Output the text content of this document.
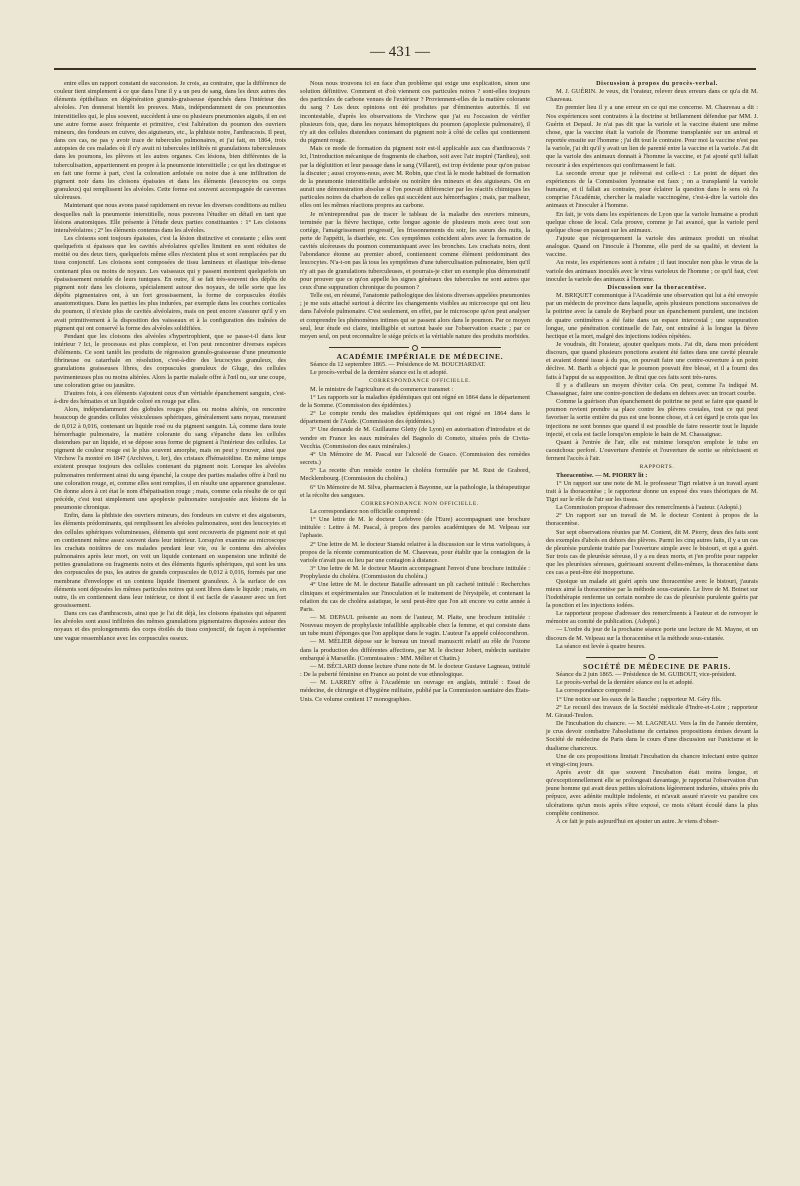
— 431 —

entre elles un rapport constant de succession. Je crois, au contraire, que la différence de couleur tient simplement à ce que dans l'une il y a un peu de sang, dans les deux autres des éléments épithéliaux en dégénération granulo-graisseuse épanchés dans l'intérieur des alvéoles. J'en donnerai bientôt les preuves. Mais, indépendamment de ces pneumonies interstitielles qui, le plus souvent, succèdent à une ou plusieurs pneumonies aiguës, il en est une autre forme assez fréquente et primitive, c'est l'altération du poumon des ouvriers mineurs, des fondeurs en cuivre, des aiguiseurs, etc., la phthisie noire, l'anthracosis. Il peut, dans ces cas, ne pas y avoir trace de tubercules pulmonaires, et j'ai fait, en 1864, trois autopsies de ces malades où il n'y avait ni tubercules infiltrés ni granulations tuberculeuses dans les poumons, les plèvres et les autres organes. Ces lésions, bien différentes de la tuberculisation, appartiennent en propre à la pneumonie interstitielle ; ce qui les distingue et en fait une forme à part, c'est la coloration ardoisée ou noire due à une infiltration de pigment noir dans les cloisons épaissies et dans les éléments (leucocytes ou corps granuleux) qui remplissent les alvéoles. Cette forme est souvent accompagnée de cavernes ulcéreuses.

Maintenant que nous avons passé rapidement en revue les diverses conditions au milieu desquelles naît la pneumonie interstitielle, nous pouvons l'étudier en détail en tant que lésions anatomiques. Elle présente à l'étude deux parties constituantes : 1° Les cloisons interalvéolaires ; 2° les éléments contenus dans les alvéoles.

Les cloisons sont toujours épaissies, c'est la lésion distinctive et constante ; elles sont quelquefois si épaisses que les cavités alvéolaires qu'elles limitent en sont réduites de moitié ou des deux tiers, quelquefois même elles n'existent plus et sont remplacées par du tissu conjonctif. Les cloisons sont composées de tissu lamineux et élastique très-dense contenant plus ou moins de noyaux. Les vaisseaux qui y passent montrent quelquefois un épaississement notable de leurs tuniques. En outre, il se fait très-souvent des dépôts de pigment noir dans les cloisons, spécialement autour des noyaux, de telle sorte que les dépôts pigmentaires ont, à un fort grossissement, la forme de corpuscules étoilés anastomotiques. Dans les parties les plus indurées, par exemple dans les couches corticales du poumon, il n'existe plus de cavités alvéolaires, mais on peut encore s'assurer qu'il y en avait primitivement à la disposition des vaisseaux et à la configuration des traînées de pigment qui ont conservé la forme des alvéoles solidifiées.

Pendant que les cloisons des alvéoles s'hypertrophient, que se passe-t-il dans leur intérieur ? Ici, le processus est plus complexe, et l'on peut rencontrer diverses espèces d'éléments. Ce sont tantôt les produits de régression granulo-graisseuse d'une pneumonie fibrineuse ou catarrhale en résolution, c'est-à-dire des leucocytes granuleux, des granulations graisseuses libres, des corpuscules granuleux de Gluge, des cellules pavimenteuses plus ou moins altérées. Alors la partie malade offre à l'œil nu, sur une coupe, une coloration grise ou jaunâtre.

D'autres fois, à ces éléments s'ajoutent ceux d'un véritable épanchement sanguin, c'est-à-dire des hématies et un liquide coloré en rouge par elles.

Alors, indépendamment des globules rouges plus ou moins altérés, on rencontre beaucoup de grandes cellules vésiculeuses sphériques, généralement sans noyau, mesurant de 0,012 à 0,016, contenant un liquide rosé ou du pigment sanguin. Là, comme dans toute hémorrhagie pulmonaire, la matière colorante du sang s'épanche dans les cellules distendues par un liquide, et se dépose sous forme de pigment à l'intérieur des cellules. Le pigment de couleur rouge est le plus souvent amorphe, mais on peut y trouver, ainsi que Virchow l'a montré en 1847 (Archives, t. Ier), des cristaux d'hématoïdine. En même temps existent presque toujours des cellules contenant du pigment noir. Lorsque les alvéoles pulmonaires renferment ainsi du sang épanché, la coupe des parties malades offre à l'œil nu une coloration rouge, et, comme elles sont remplies, il en résulte une apparence granuleuse. On donne alors à cet état le nom d'hépatisation rouge ; mais, comme cela résulte de ce qui précède, c'est tout simplement une apoplexie pulmonaire surajoutée aux lésions de la pneumonie chronique.

Enfin, dans la phthisie des ouvriers mineurs, des fondeurs en cuivre et des aiguiseurs, les éléments prédominants, qui remplissent les alvéoles pulmonaires, sont des leucocytes et des cellules sphériques volumineuses, éléments qui sont recouverts de pigment noir et qui en contiennent même assez souvent dans leur intérieur. Lorsqu'on examine au microscope les crachats noirâtres de ces malades pendant leur vie, ou le contenu des alvéoles pulmonaires après leur mort, on voit un liquide contenant en suspension une infinité de petites granulations ou fragments noirs et des éléments figurés sphériques, qui sont les uns des corpuscules de pus, les autres de grands corpuscules de 0,012 à 0,016, formés par une membrane d'enveloppe et un contenu liquide finement granuleux. À la surface de ces éléments sont déposées les mêmes particules noires qui sont libres dans le liquide ; mais, en outre, ils en contiennent dans leur intérieur, ce dont il est facile de s'assurer avec un fort grossissement.

Dans ces cas d'anthracosis, ainsi que je l'ai dit déjà, les cloisons épaissies qui séparent les alvéoles sont aussi infiltrées des mêmes granulations pigmentaires disposées autour des noyaux et des prolongements des corps étoilés du tissu conjonctif, de façon à représenter une vague ressemblance avec les corpuscules osseux.

Nous nous trouvons ici en face d'un problème qui exige une explication, sinon une solution définitive. Comment et d'où viennent ces particules noires ? sont-elles toujours des particules de carbone venues de l'extérieur ? Proviennent-elles de la matière colorante du sang ? Les deux opinions ont été produites par d'éminentes autorités. Il est incontestable, d'après les observations de Virchow que j'ai eu l'occasion de vérifier plusieurs fois, que, dans les noyaux hémoptoïques du poumon (apoplexie pulmonaire), il n'y ait des cellules distendues contenant du pigment noir à côté de celles qui contiennent du pigment rouge.

Mais ce mode de formation du pigment noir est-il applicable aux cas d'anthracosis ? Ici, l'introduction mécanique de fragments de charbon, soit avec l'air inspiré (Tardieu), soit par la déglutition et leur passage dans le sang (Villaret), est trop évidente pour qu'on puisse la discuter ; aussi croyons-nous, avec M. Robin, que c'est là le mode habituel de formation de la pneumonie interstitielle ardoisée ou noirâtre des mineurs et des aiguiseurs. On en aurait une démonstration absolue si l'on pouvait différencier par les réactifs chimiques les particules noires du charbon de celles qui succèdent aux hémorrhagies ; mais, par malheur, elles ont les mêmes réactions propres au carbone.

Je m'entreprendrai pas de tracer le tableau de la maladie des ouvriers mineurs, terminée par la fièvre hectique, cette longue agonie de plusieurs mois avec tout son cortège, l'amaigrissement progressif, les frissonnements du soir, les sueurs des nuits, la perte de l'appétit, la diarrhée, etc. Ces symptômes coïncident alors avec la formation de cavités ulcéreuses du poumon communiquant avec les bronches. Les crachats noirs, dont l'abondance étonne au premier abord, contiennent comme élément prédominant des leucocytes. N'a-t-on pas là tous les symptômes d'une tuberculisation pulmonaire, bien qu'il n'y ait pas de granulations tuberculeuses, et pourrais-je citer un exemple plus démonstratif pour prouver que ce qu'on appelle les signes généraux des tubercules ne sont autres que ceux d'une suppuration chronique du poumon ?

Telle est, en résumé, l'anatomie pathologique des lésions diverses appelées pneumonies ; je me suis attaché surtout à décrire les changements visibles au microscope qui ont lieu dans l'alvéole pulmonaire. C'est seulement, en effet, par le microscope qu'on peut analyser et comprendre les phénomènes intimes qui se passent alors dans le poumon. Par ce moyen seul, leur étude est claire, intelligible et surtout basée sur l'observation exacte ; par ce moyen seul, on peut reconnaître le siége précis et la véritable nature des produits morbides.

ACADÉMIE IMPÉRIALE DE MÉDECINE.

Séance du 12 septembre 1865. — Présidence de M. BOUCHARDAT.

Le procès-verbal de la dernière séance est lu et adopté.

CORRESPONDANCE OFFICIELLE.

M. le ministre de l'agriculture et du commerce transmet :

1° Les rapports sur la maladies épidémiques qui ont régné en 1864 dans le département de la Somme. (Commission des épidémies.)

2° Le compte rendu des maladies épidémiques qui ont régné en 1864 dans le département de l'Aude. (Commission des épidémies.)

3° Une demande de M. Guillaume Gletty (de Lyon) en autorisation d'introduire et de vendre en France les eaux minérales del Bagnolo di Cometo, situées près de Civita-Vecchia. (Commission des eaux minérales.)

4° Un Mémoire de M. Pascal sur l'alcoolé de Guaco. (Commission des remèdes secrets.)

5° La recette d'un remède contre le choléra formulée par M. Rust de Grabord, Mecklembourg. (Commission du choléra.)

6° Un Mémoire de M. Silva, pharmacien à Bayonne, sur la pathologie, la thérapeutique et la récolte des sangsues.

CORRESPONDANCE NON OFFICIELLE.

La correspondance non officielle comprend :

1° Une lettre de M. le docteur Lefebvre (de l'Eure) accompagnant une brochure intitulée : Lettre à M. Pascal, à propos des paroles académiques de M. Velpeau sur l'aphasie.

2° Une lettre de M. le docteur Stanski relative à la discussion sur le virus varioliques, à propos de la récente communication de M. Chauveau, pour établir que la contagion de la variole n'avait pas eu lieu par une contagion à distance.

3° Une lettre de M. le docteur Maurin accompagnant l'envoi d'une brochure intitulée : Prophylaxie du choléra. (Commission du choléra.)

4° Une lettre de M. le docteur Bataille adressant un pli cacheté intitulé : Recherches cliniques et expérimentales sur l'inoculation et le traitement de l'érysipèle, et contenant la relation du cas de choléra asiatique, le seul peut-être que l'on ait encore vu cette année à Paris.

— M. DEPAUL présente au nom de l'auteur, M. Plaite, une brochure intitulée : Nouveau moyen de prophylaxie infaillible applicable chez la femme, et qui consiste dans un tube muni d'éponges que l'on applique dans le vagin. L'auteur l'a appelé coléocorsthron.

— M. MÉLIER dépose sur le bureau un travail manuscrit relatif au rôle de l'ozone dans la production des différentes affections, par M. le docteur Jobert, médecin sanitaire embarqué à Marseille. (Commissaires : MM. Mélier et Chatin.)

— M. BÉCLARD donne lecture d'une note de M. le docteur Gustave Lagneau, intitulé : De la puberté féminine en France au point de vue ethnologique.

— M. LARREY offre à l'Académie un ouvrage en anglais, intitulé : Essai de médecine, de chirurgie et d'hygiène militaire, publié par la Commission sanitaire des États-Unis. Ce volume contient 17 monographies.

Discussion à propos du procès-verbal.

M. J. GUÉRIN. Je veux, dit l'orateur, relever deux erreurs dans ce qu'a dit M. Chauveau.

En premier lieu il y a une erreur en ce qui me concerne. M. Chauveau a dit : Nos expériences sont contraires à la doctrine si brillamment défendue par MM. J. Guérin et Depaul. Je n'ai pas dit que la variole et la vaccine étaient une même chose, que la vaccine était la variole de l'homme transplantée sur un animal et reportée ensuite sur l'homme ; j'ai dit tout le contraire. Pour moi la vaccine n'est pas la variole, j'ai dit qu'il y avait un lien de parenté entre la vaccine et la variole. J'ai dit que la variole des animaux donnait à l'homme la vaccine, et j'ai ajouté qu'il fallait recourir à des expériences qui confirmassent le fait.

La seconde erreur que je relèverai est celle-ci : Le point de départ des expériences de la Commission lyonnaise est faux ; on a transplanté la variole humaine, et il fallait au contraire, pour éclairer la question dans le sens où l'a comprise l'Académie, chercher la maladie vaccinogène, c'est-à-dire la variole des animaux et l'inoculer à l'homme.

En fait, je vois dans les expériences de Lyon que la variole humaine a produit quelque chose de local. Cela prouve, comme je l'ai avancé, que la variole perd quelque chose en passant sur les animaux.

J'ajoute que réciproquement la variole des animaux produit un résultat analogue. Quand on l'inocule à l'homme, elle perd de sa qualité, et devient la vaccine.

Au reste, les expériences sont à refaire ; il faut inoculer non plus le virus de la variole des animaux inoculés avec le virus varioleux de l'homme ; ce qu'il faut, c'est inoculer la variole des animaux à l'homme.

Discussion sur la thoracentèse.

M. BRIQUET communique à l'Académie une observation qui lui a été envoyée par un médecin de province dans laquelle, après plusieurs ponctions successives de la poitrine avec la canule de Reybard pour un épanchement purulent, une incision de quatre centimètres a été faite dans un espace intercostal ; une suppuration longue, une pénétration continuelle de l'air, ont entraîné à la longue la fièvre hectique et la mort, malgré des injections iodées répétées.

Je voudrais, dit l'orateur, ajouter quelques mots. J'ai dit, dans mon précédent discours, que quand plusieurs ponctions avaient été faites dans une cavité pleurale et avaient donné issue à du pus, on pouvait faire une contre-ouverture à un point déclive. M. Barth a objecté que le poumon pouvait être blessé, et il a fourni des faits à l'appui de sa supposition. Je dirai que ces faits sont très-rares.

Il y a d'ailleurs un moyen d'éviter cela. On peut, comme l'a indiqué M. Chassaignac, faire une contre-ponction de dedans en dehors avec un trocart courbe.

Comme la guérison d'un épanchement de poitrine ne peut se faire que quand le poumon revient prendre sa place contre les plèvres costales, tout ce qui peut favoriser la sortie entière du pus est une bonne chose, et à cet égard je crois que les injections ne sont bonnes que quand il est possible de faire ressortir tout le liquide injecté, et cela est facile lorsqu'on emploie le bain de M. Chassaignac.

Quant à l'entrée de l'air, elle est minime lorsqu'on emploie le tube en caoutchouc perforé. L'ouverture d'entrée et l'ouverture de sortie se rétrécissent et ferment l'accès à l'air.

RAPPORTS.

Thoracentèse. — M. PIORRY lit :

1° Un rapport sur une note de M. le professeur Tigri relative à un travail ayant trait à la thoracentèse ; le rapporteur donne un exposé des vues théoriques de M. Tigri sur le rôle de l'air sur les tissus.

La Commission propose d'adresser des remercîments à l'auteur. (Adopté.)

2° Un rapport sur un travail de M. le docteur Content à propos de la thoracentèse.

Sur sept observations réunies par M. Content, dit M. Piorry, deux des faits sont des exemples d'abcès en dehors des plèvres. Parmi les cinq autres faits, il y a un cas de pleurésie purulente traitée par l'ouverture simple avec le bistouri, et qui a guéri. Sur trois cas de pleurésie séreuse, il y a eu deux morts, et j'en profite pour rappeler que les pleurésies séreuses, guérissant souvent d'elles-mêmes, la thoracentèse dans ces cas a peut-être été inopportune.

Quoique un malade ait guéri après une thoracentèse avec le bistouri, j'aurais mieux aimé la thoracentèse par la méthode sous-cutanée. Le livre de M. Boinet sur l'iodothérapie renferme un certain nombre de cas de pleurésie purulente guéris par la ponction et les injections iodées.

Le rapporteur propose d'adresser des remercîments à l'auteur et de renvoyer le mémoire au comité de publication. (Adopté.)

— L'ordre du jour de la prochaine séance porte une lecture de M. Mayne, et un discours de M. Velpeau sur la thoracentèse et la méthode sous-cutanée.

La séance est levée à quatre heures.

SOCIÉTÉ DE MÉDECINE DE PARIS.

Séance du 2 juin 1865. — Présidence de M. GUIBOUT, vice-président.

Le procès-verbal de la dernière séance est lu et adopté.

La correspondance comprend :

1° Une notice sur les eaux de la Bauche ; rapporteur M. Géry fils.

2° Le recueil des travaux de la Société médicale d'Indre-et-Loire ; rapporteur M. Giraud-Teulon.

De l'incubation du chancre. — M. LAGNEAU. Vers la fin de l'année dernière, je crus devoir combattre l'absolutisme de certaines propositions émises devant la Société de médecine de Paris dans le cours d'une discussion sur l'unicisme et le dualisme chancreux.

Une de ces propositions limitait l'incubation du chancre infectant entre quinze et vingt-cinq jours.

Après avoir dit que souvent l'incubation était moins longue, et qu'exceptionnellement elle se prolongeait davantage, je rapportai l'observation d'un jeune homme qui avait deux petites ulcérations légèrement indurées, situées près du prépuce, avec adénite multiple indolente, et m'avait assuré n'avoir vu paraître ces ulcérations qu'un mois après s'être exposé, ce mois s'étant écoulé dans la plus complète continence.

À ce fait je puis aujourd'hui en ajouter un autre. Je viens d'obser-
